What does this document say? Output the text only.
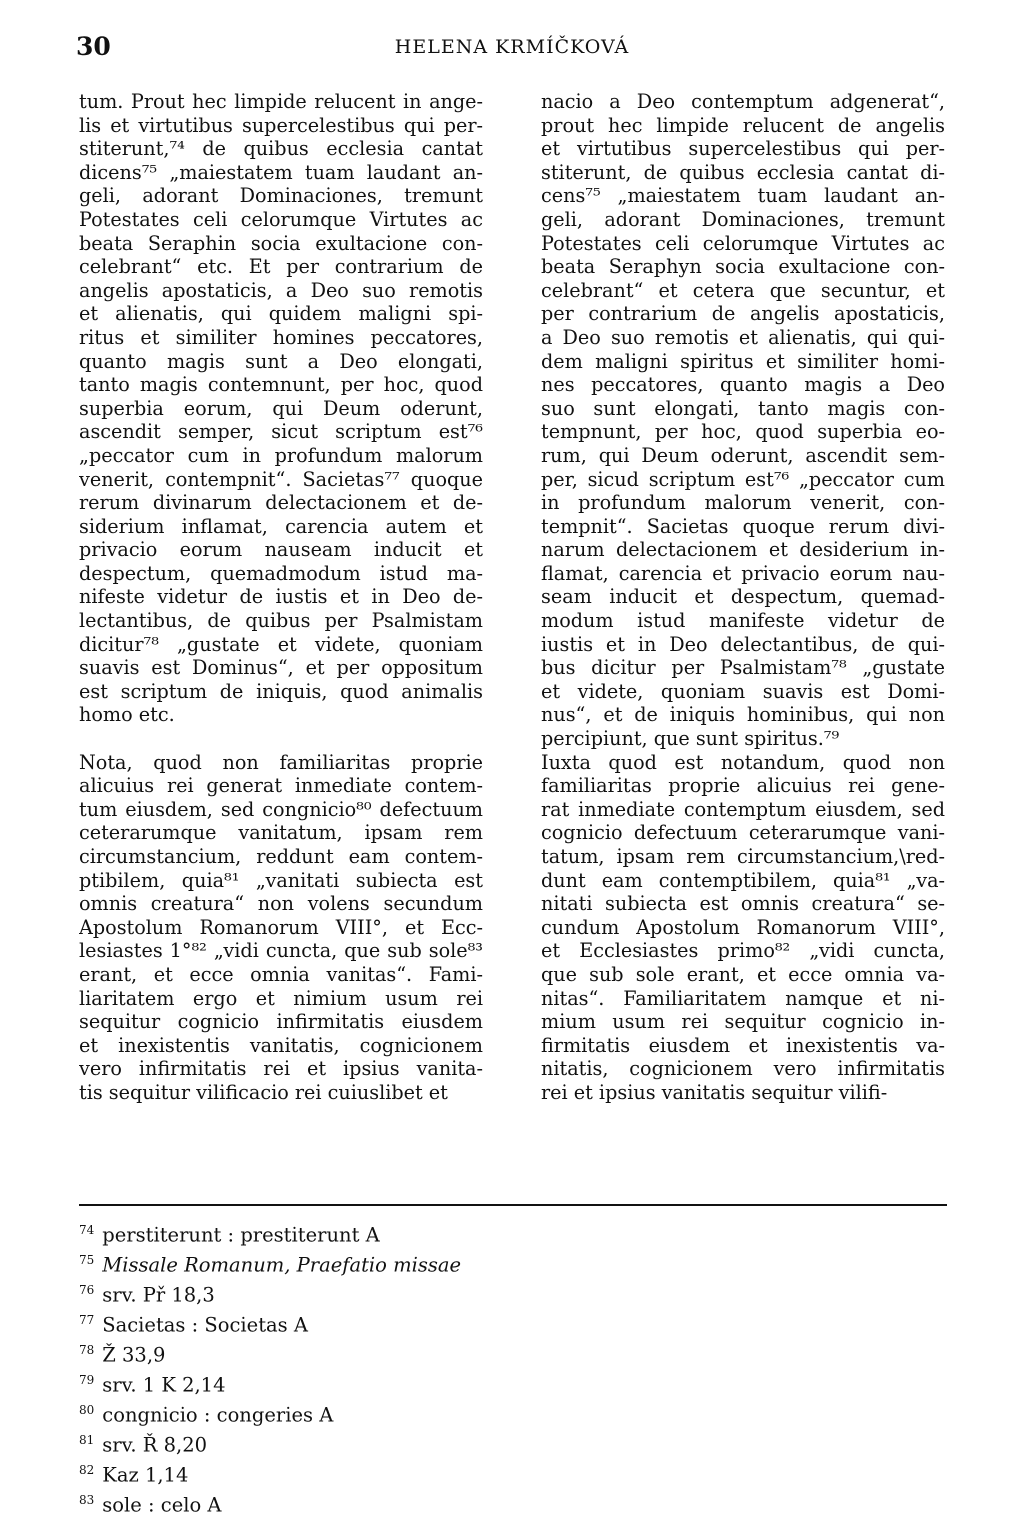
30	HELENA KRMÍČKOVÁ
tum. Prout hec limpide relucent in ange-
lis et virtutibus supercelestibus qui per-
stiterunt,⁷⁴ de quibus ecclesia cantat
dicens⁷⁵ „maiestatem tuam laudant an-
geli, adorant Dominaciones, tremunt
Potestates celi celorumque Virtutes ac
beata Seraphin socia exultacione con-
celebrant“ etc. Et per contrarium de
angelis apostaticis, a Deo suo remotis
et alienatis, qui quidem maligni spi-
ritus et similiter homines peccatores,
quanto magis sunt a Deo elongati,
tanto magis contemnunt, per hoc, quod
superbia eorum, qui Deum oderunt,
ascendit semper, sicut scriptum est⁷⁶
„peccator cum in profundum malorum
venerit, contempnit“. Sacietas⁷⁷ quoque
rerum divinarum delectacionem et de-
siderium inflamat, carencia autem et
privacio eorum nauseam inducit et
despectum, quemadmodum istud ma-
nifeste videtur de iustis et in Deo de-
lectantibus, de quibus per Psalmistam
dicitur⁷⁸ „gustate et videte, quoniam
suavis est Dominus“, et per oppositum
est scriptum de iniquis, quod animalis
homo etc.
Nota, quod non familiaritas proprie
alicuius rei generat inmediate contem-
tum eiusdem, sed congnicio⁸⁰ defectuum
ceterarumque vanitatum, ipsam rem
circumstancium, reddunt eam contem-
ptibilem, quia⁸¹ „vanitati subiecta est
omnis creatura“ non volens secundum
Apostolum Romanorum VIII°, et Ecc-
lesiastes 1°⁸² „vidi cuncta, que sub sole⁸³
erant, et ecce omnia vanitas“. Fami-
liaritatem ergo et nimium usum rei
sequitur cognicio infirmitatis eiusdem
et inexistentis vanitatis, cognicionem
vero infirmitatis rei et ipsius vanita-
tis sequitur vilificacio rei cuiuslibet et
nacio a Deo contemptum adgenerat“,
prout hec limpide relucent de angelis
et virtutibus supercelestibus qui per-
stiterunt, de quibus ecclesia cantat di-
cens⁷⁵ „maiestatem tuam laudant an-
geli, adorant Dominaciones, tremunt
Potestates celi celorumque Virtutes ac
beata Seraphyn socia exultacione con-
celebrant“ et cetera que secuntur, et
per contrarium de angelis apostaticis,
a Deo suo remotis et alienatis, qui qui-
dem maligni spiritus et similiter homi-
nes peccatores, quanto magis a Deo
suo sunt elongati, tanto magis con-
tempnunt, per hoc, quod superbia eo-
rum, qui Deum oderunt, ascendit sem-
per, sicud scriptum est⁷⁶ „peccator cum
in profundum malorum venerit, con-
tempnit“. Sacietas quoque rerum divi-
narum delectacionem et desiderium in-
flamat, carencia et privacio eorum nau-
seam inducit et despectum, quemad-
modum istud manifeste videtur de
iustis et in Deo delectantibus, de qui-
bus dicitur per Psalmistam⁷⁸ „gustate
et videte, quoniam suavis est Domi-
nus“, et de iniquis hominibus, qui non
percipiunt, que sunt spiritus.⁷⁹
Iuxta quod est notandum, quod non
familiaritas proprie alicuius rei gene-
rat inmediate contemptum eiusdem, sed
cognicio defectuum ceterarumque vani-
tatum, ipsam rem circumstancium,\red-
dunt eam contemptibilem, quia⁸¹ „va-
nitati subiecta est omnis creatura“ se-
cundum Apostolum Romanorum VIII°,
et Ecclesiastes primo⁸² „vidi cuncta,
que sub sole erant, et ecce omnia va-
nitas“. Familiaritatem namque et ni-
mium usum rei sequitur cognicio in-
firmitatis eiusdem et inexistentis va-
nitatis, cognicionem vero infirmitatis
rei et ipsius vanitatis sequitur vilifi-
$^{74}$ perstiterunt : prestiterunt A
$^{75}$ Missale Romanum, Praefatio missae
$^{76}$ srv. Př 18,3
$^{77}$ Sacietas : Societas A
$^{78}$ Ž 33,9
$^{79}$ srv. 1 K 2,14
$^{80}$ congnicio : congeries A
$^{81}$ srv. Ř 8,20
$^{82}$ Kaz 1,14
$^{83}$ sole : celo A
